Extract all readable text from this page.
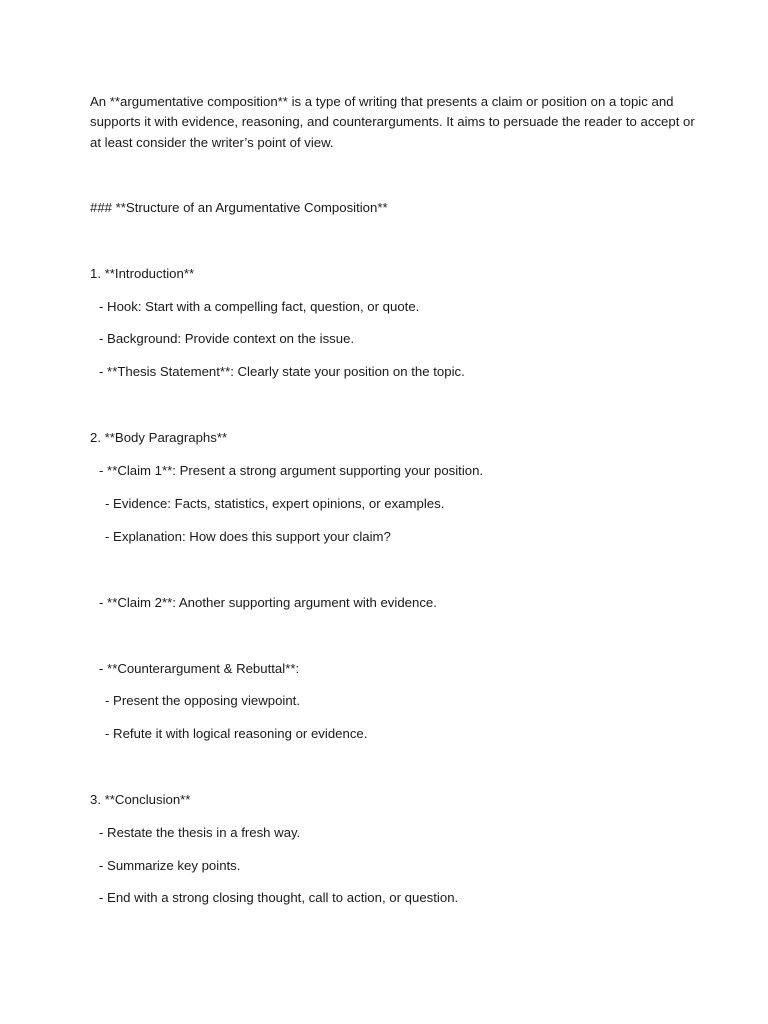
An **argumentative composition** is a type of writing that presents a claim or position on a topic and
supports it with evidence, reasoning, and counterarguments. It aims to persuade the reader to accept or
at least consider the writer’s point of view.
### **Structure of an Argumentative Composition**
1. **Introduction**
- Hook: Start with a compelling fact, question, or quote.
- Background: Provide context on the issue.
- **Thesis Statement**: Clearly state your position on the topic.
2. **Body Paragraphs**
- **Claim 1**: Present a strong argument supporting your position.
- Evidence: Facts, statistics, expert opinions, or examples.
- Explanation: How does this support your claim?
- **Claim 2**: Another supporting argument with evidence.
- **Counterargument & Rebuttal**:
- Present the opposing viewpoint.
- Refute it with logical reasoning or evidence.
3. **Conclusion**
- Restate the thesis in a fresh way.
- Summarize key points.
- End with a strong closing thought, call to action, or question.
